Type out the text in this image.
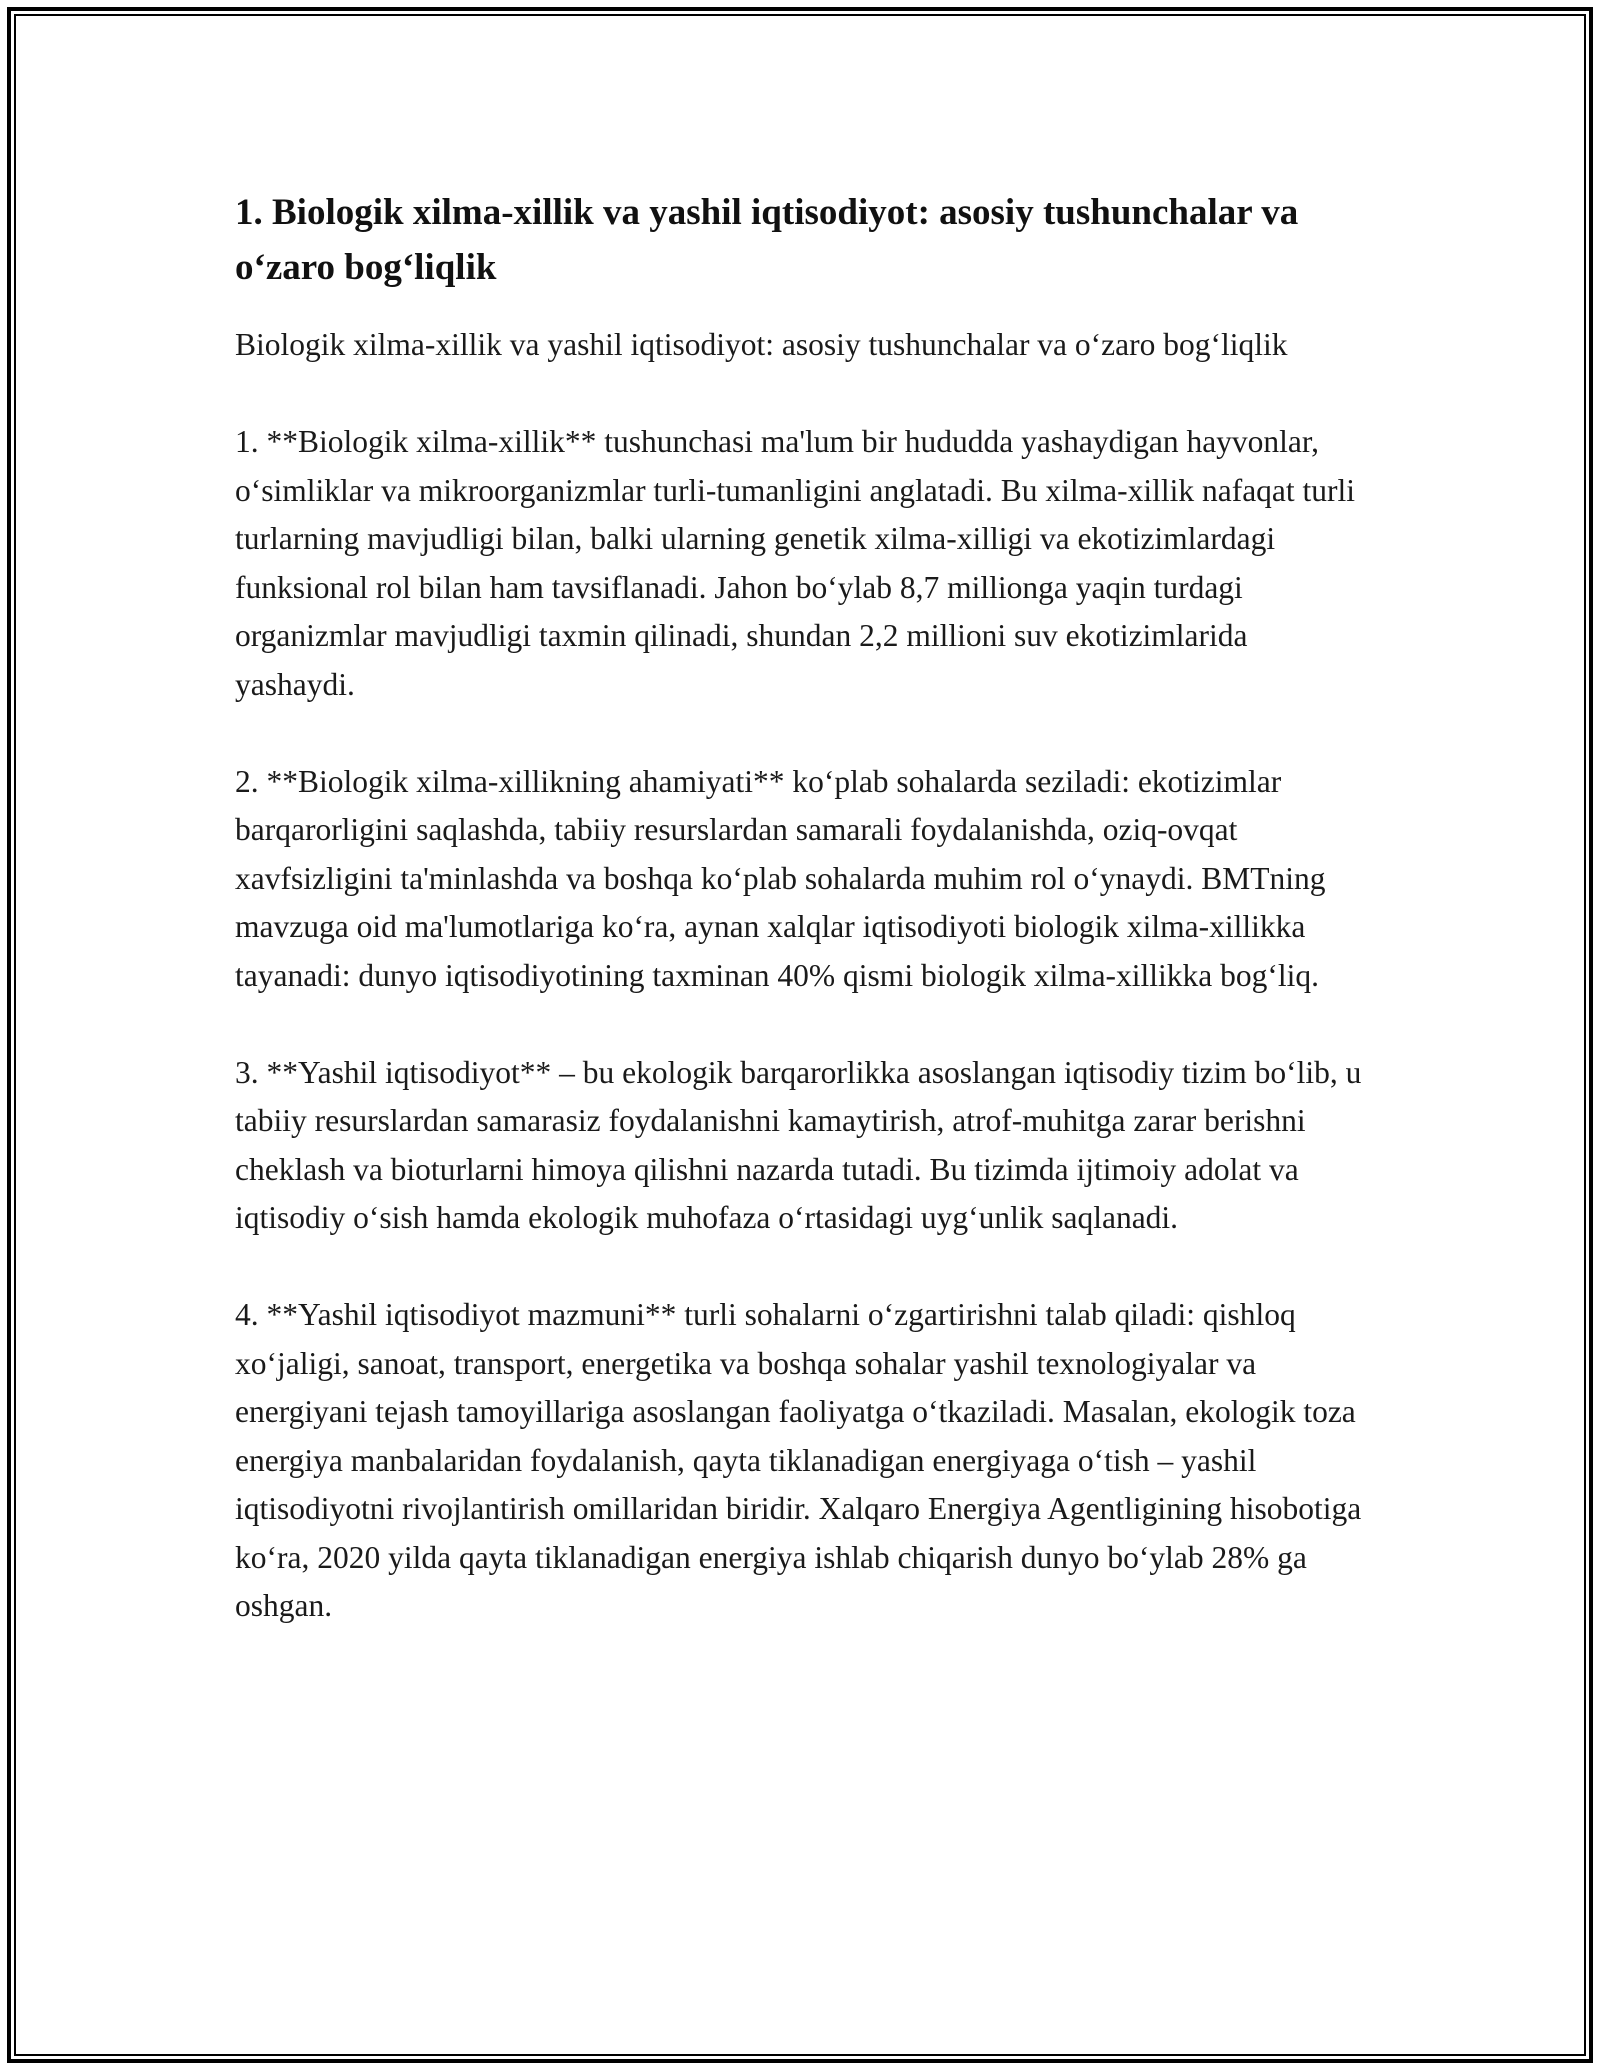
1. Biologik xilma-xillik va yashil iqtisodiyot: asosiy tushunchalar va o‘zaro bog‘liqlik

Biologik xilma-xillik va yashil iqtisodiyot: asosiy tushunchalar va o‘zaro bog‘liqlik

1. **Biologik xilma-xillik** tushunchasi ma'lum bir hududda yashaydigan hayvonlar, o‘simliklar va mikroorganizmlar turli-tumanligini anglatadi. Bu xilma-xillik nafaqat turli turlarning mavjudligi bilan, balki ularning genetik xilma-xilligi va ekotizimlardagi funksional rol bilan ham tavsiflanadi. Jahon bo‘ylab 8,7 millionga yaqin turdagi organizmlar mavjudligi taxmin qilinadi, shundan 2,2 millioni suv ekotizimlarida yashaydi.

2. **Biologik xilma-xillikning ahamiyati** ko‘plab sohalarda seziladi: ekotizimlar barqarorligini saqlashda, tabiiy resurslardan samarali foydalanishda, oziq-ovqat xavfsizligini ta'minlashda va boshqa ko‘plab sohalarda muhim rol o‘ynaydi. BMTning mavzuga oid ma'lumotlariga ko‘ra, aynan xalqlar iqtisodiyoti biologik xilma-xillikka tayanadi: dunyo iqtisodiyotining taxminan 40% qismi biologik xilma-xillikka bog‘liq.

3. **Yashil iqtisodiyot** – bu ekologik barqarorlikka asoslangan iqtisodiy tizim bo‘lib, u tabiiy resurslardan samarasiz foydalanishni kamaytirish, atrof-muhitga zarar berishni cheklash va bioturlarni himoya qilishni nazarda tutadi. Bu tizimda ijtimoiy adolat va iqtisodiy o‘sish hamda ekologik muhofaza o‘rtasidagi uyg‘unlik saqlanadi.

4. **Yashil iqtisodiyot mazmuni** turli sohalarni o‘zgartirishni talab qiladi: qishloq xo‘jaligi, sanoat, transport, energetika va boshqa sohalar yashil texnologiyalar va energiyani tejash tamoyillariga asoslangan faoliyatga o‘tkaziladi. Masalan, ekologik toza energiya manbalaridan foydalanish, qayta tiklanadigan energiyaga o‘tish – yashil iqtisodiyotni rivojlantirish omillaridan biridir. Xalqaro Energiya Agentligining hisobotiga ko‘ra, 2020 yilda qayta tiklanadigan energiya ishlab chiqarish dunyo bo‘ylab 28% ga oshgan.
